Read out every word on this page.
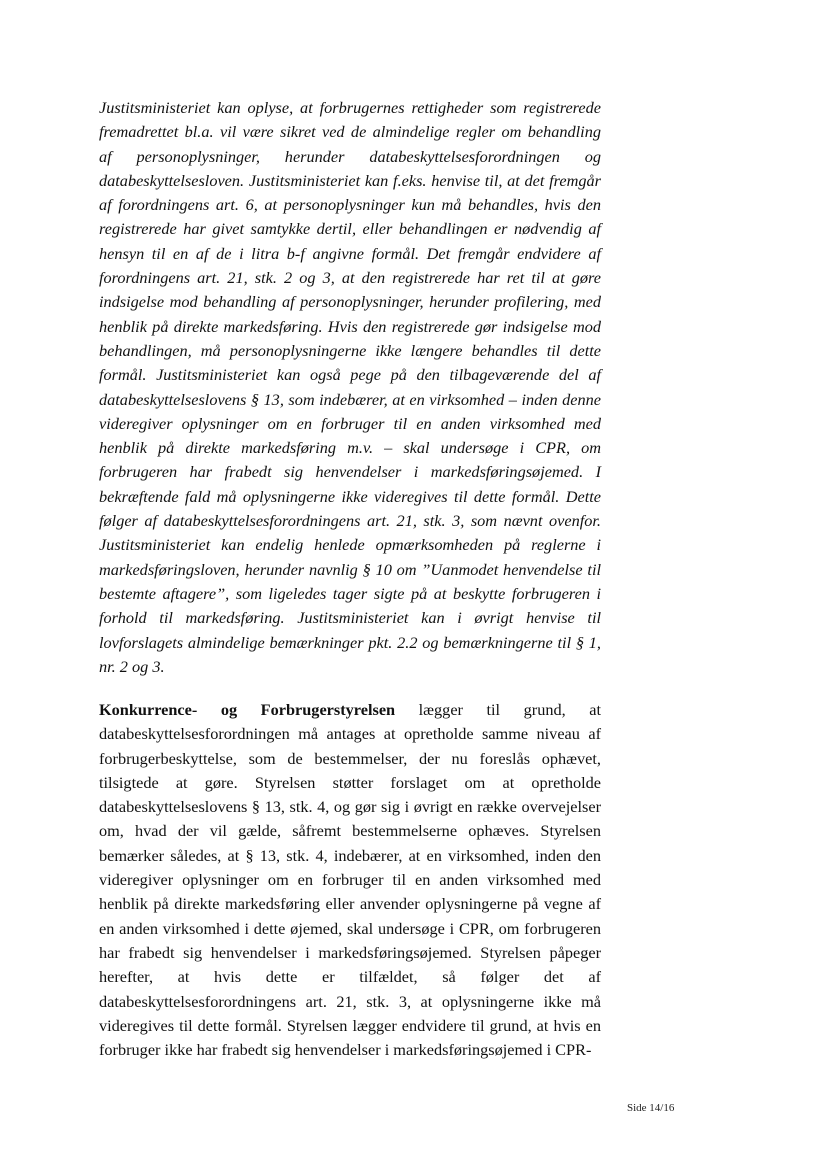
Justitsministeriet kan oplyse, at forbrugernes rettigheder som registrerede
fremadrettet bl.a. vil være sikret ved de almindelige regler om behandling
af personoplysninger, herunder databeskyttelsesforordningen og
databeskyttelsesloven. Justitsministeriet kan f.eks. henvise til, at det fremgår
af forordningens art. 6, at personoplysninger kun må behandles, hvis den
registrerede har givet samtykke dertil, eller behandlingen er nødvendig af
hensyn til en af de i litra b-f angivne formål. Det fremgår endvidere af
forordningens art. 21, stk. 2 og 3, at den registrerede har ret til at gøre
indsigelse mod behandling af personoplysninger, herunder profilering, med
henblik på direkte markedsføring. Hvis den registrerede gør indsigelse mod
behandlingen, må personoplysningerne ikke længere behandles til dette
formål. Justitsministeriet kan også pege på den tilbageværende del af
databeskyttelseslovens § 13, som indebærer, at en virksomhed – inden denne
videregiver oplysninger om en forbruger til en anden virksomhed med
henblik på direkte markedsføring m.v. – skal undersøge i CPR, om
forbrugeren har frabedt sig henvendelser i markedsføringsøjemed. I
bekræftende fald må oplysningerne ikke videregives til dette formål. Dette
følger af databeskyttelsesforordningens art. 21, stk. 3, som nævnt ovenfor.
Justitsministeriet kan endelig henlede opmærksomheden på reglerne i
markedsføringsloven, herunder navnlig § 10 om ”Uanmodet henvendelse til
bestemte aftagere”, som ligeledes tager sigte på at beskytte forbrugeren i
forhold til markedsføring. Justitsministeriet kan i øvrigt henvise til
lovforslagets almindelige bemærkninger pkt. 2.2 og bemærkningerne til § 1,
nr. 2 og 3.
Konkurrence- og Forbrugerstyrelsen lægger til grund, at
databeskyttelsesforordningen må antages at opretholde samme niveau af
forbrugerbeskyttelse, som de bestemmelser, der nu foreslås ophævet,
tilsigtede at gøre. Styrelsen støtter forslaget om at opretholde
databeskyttelseslovens § 13, stk. 4, og gør sig i øvrigt en række overvejelser
om, hvad der vil gælde, såfremt bestemmelserne ophæves. Styrelsen
bemærker således, at § 13, stk. 4, indebærer, at en virksomhed, inden den
videregiver oplysninger om en forbruger til en anden virksomhed med
henblik på direkte markedsføring eller anvender oplysningerne på vegne af
en anden virksomhed i dette øjemed, skal undersøge i CPR, om forbrugeren
har frabedt sig henvendelser i markedsføringsøjemed. Styrelsen påpeger
herefter, at hvis dette er tilfældet, så følger det af
databeskyttelsesforordningens art. 21, stk. 3, at oplysningerne ikke må
videregives til dette formål. Styrelsen lægger endvidere til grund, at hvis en
forbruger ikke har frabedt sig henvendelser i markedsføringsøjemed i CPR-
Side 14/16
